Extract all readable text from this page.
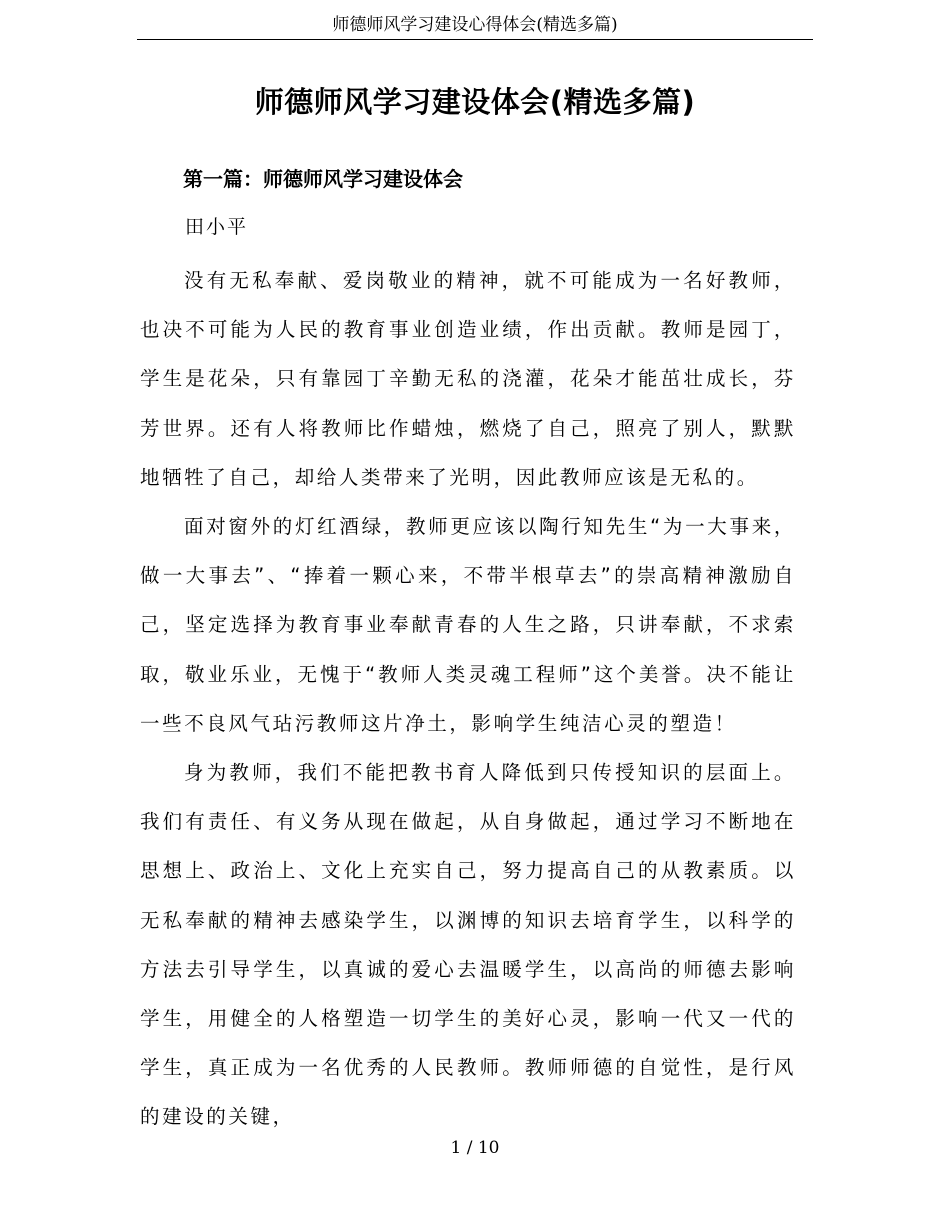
师德师风学习建设心得体会(精选多篇)
师德师风学习建设体会(精选多篇)
第一篇：师德师风学习建设体会
田小平

没有无私奉献、爱岗敬业的精神，就不可能成为一名好教师，也决不可能为人民的教育事业创造业绩，作出贡献。教师是园丁，学生是花朵，只有靠园丁辛勤无私的浇灌，花朵才能茁壮成长，芬芳世界。还有人将教师比作蜡烛，燃烧了自己，照亮了别人，默默地牺牲了自己，却给人类带来了光明，因此教师应该是无私的。

面对窗外的灯红酒绿，教师更应该以陶行知先生“为一大事来，做一大事去”、“捧着一颗心来，不带半根草去”的崇高精神激励自己，坚定选择为教育事业奉献青春的人生之路，只讲奉献，不求索取，敬业乐业，无愧于“教师人类灵魂工程师”这个美誉。决不能让一些不良风气玷污教师这片净土，影响学生纯洁心灵的塑造！

身为教师，我们不能把教书育人降低到只传授知识的层面上。我们有责任、有义务从现在做起，从自身做起，通过学习不断地在思想上、政治上、文化上充实自己，努力提高自己的从教素质。以无私奉献的精神去感染学生，以渊博的知识去培育学生，以科学的方法去引导学生，以真诚的爱心去温暖学生，以高尚的师德去影响学生，用健全的人格塑造一切学生的美好心灵，影响一代又一代的学生，真正成为一名优秀的人民教师。教师师德的自觉性，是行风的建设的关键，

1 / 10
